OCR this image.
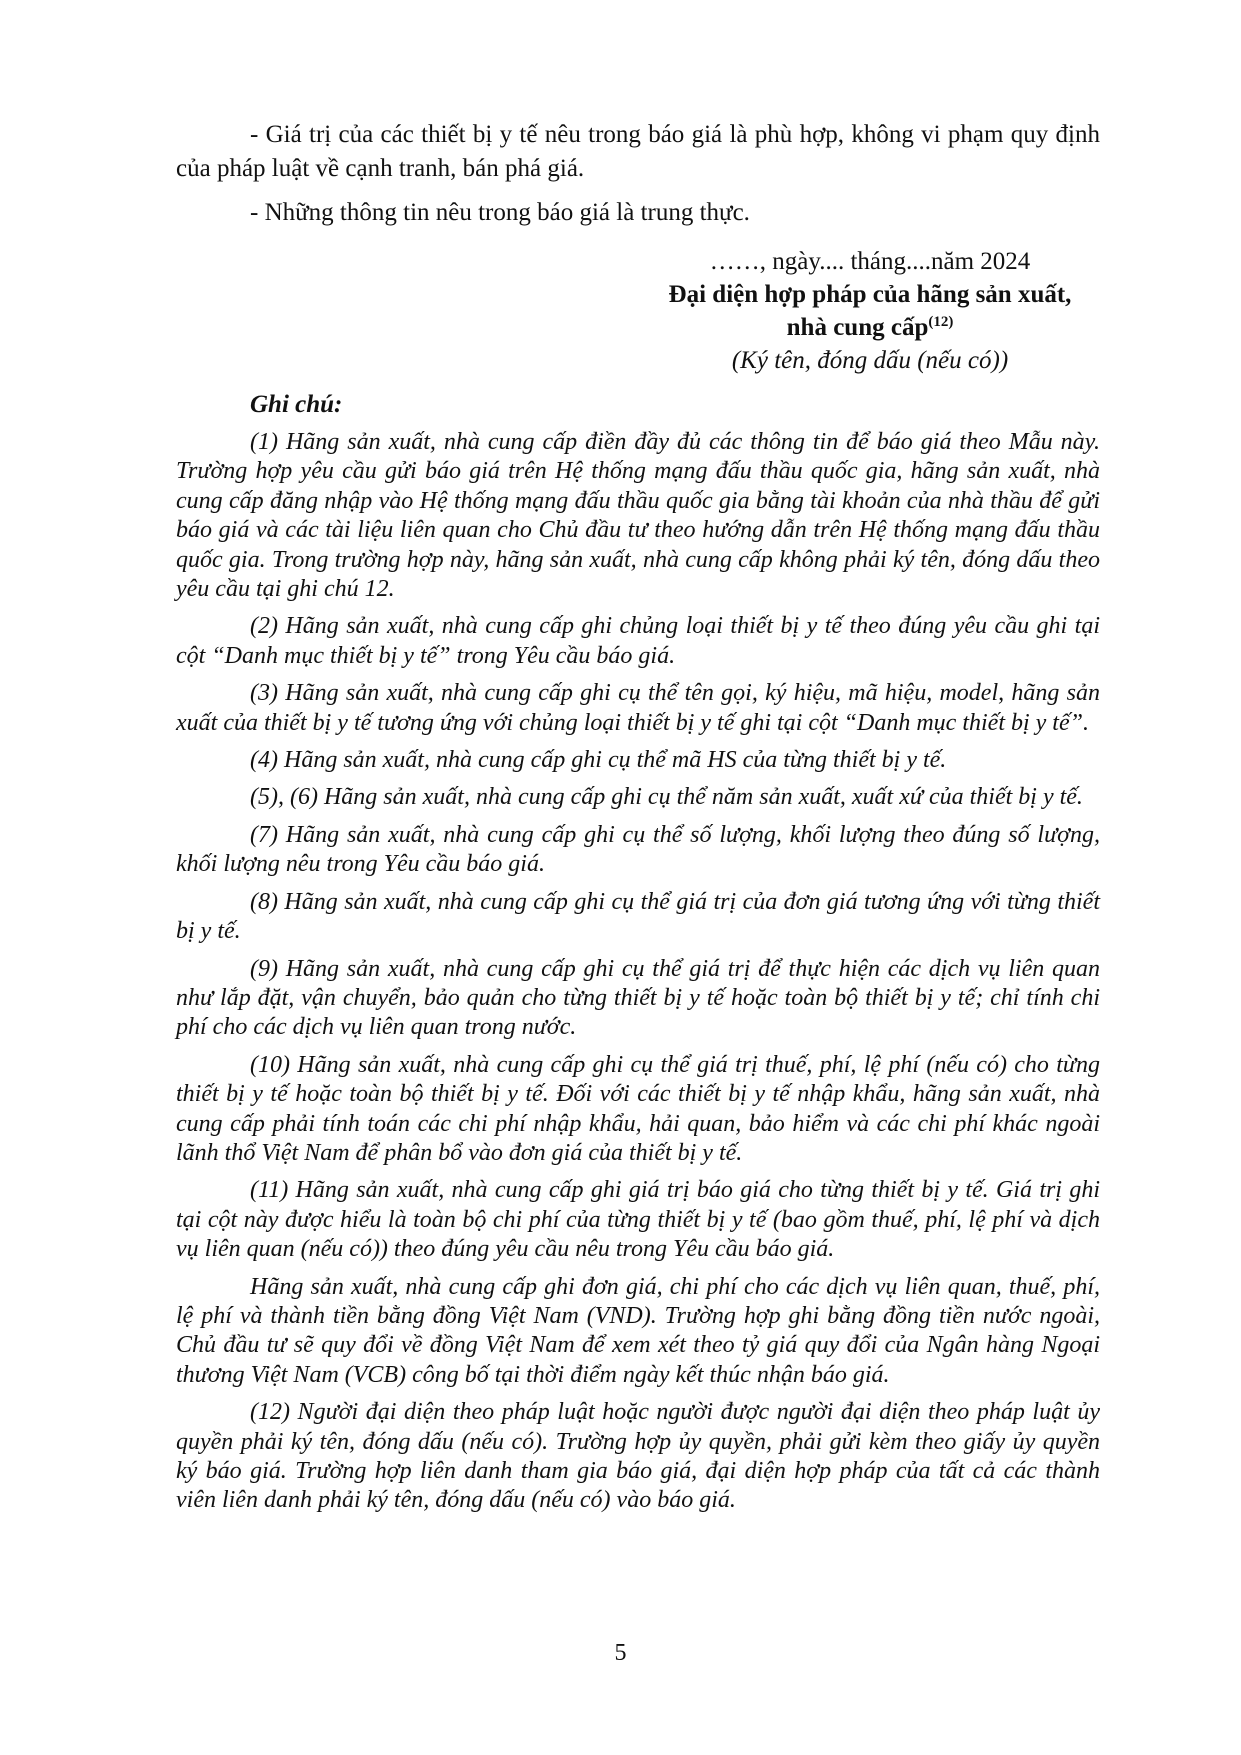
- Giá trị của các thiết bị y tế nêu trong báo giá là phù hợp, không vi phạm quy định của pháp luật về cạnh tranh, bán phá giá.

- Những thông tin nêu trong báo giá là trung thực.

……, ngày.... tháng....năm 2024
Đại diện hợp pháp của hãng sản xuất,
nhà cung cấp$^{(12)}$
(Ký tên, đóng dấu (nếu có))
Ghi chú:

(1) Hãng sản xuất, nhà cung cấp điền đầy đủ các thông tin để báo giá theo Mẫu này. Trường hợp yêu cầu gửi báo giá trên Hệ thống mạng đấu thầu quốc gia, hãng sản xuất, nhà cung cấp đăng nhập vào Hệ thống mạng đấu thầu quốc gia bằng tài khoản của nhà thầu để gửi báo giá và các tài liệu liên quan cho Chủ đầu tư theo hướng dẫn trên Hệ thống mạng đấu thầu quốc gia. Trong trường hợp này, hãng sản xuất, nhà cung cấp không phải ký tên, đóng dấu theo yêu cầu tại ghi chú 12.

(2) Hãng sản xuất, nhà cung cấp ghi chủng loại thiết bị y tế theo đúng yêu cầu ghi tại cột “Danh mục thiết bị y tế” trong Yêu cầu báo giá.

(3) Hãng sản xuất, nhà cung cấp ghi cụ thể tên gọi, ký hiệu, mã hiệu, model, hãng sản xuất của thiết bị y tế tương ứng với chủng loại thiết bị y tế ghi tại cột “Danh mục thiết bị y tế”.

(4) Hãng sản xuất, nhà cung cấp ghi cụ thể mã HS của từng thiết bị y tế.

(5), (6) Hãng sản xuất, nhà cung cấp ghi cụ thể năm sản xuất, xuất xứ của thiết bị y tế.

(7) Hãng sản xuất, nhà cung cấp ghi cụ thể số lượng, khối lượng theo đúng số lượng, khối lượng nêu trong Yêu cầu báo giá.

(8) Hãng sản xuất, nhà cung cấp ghi cụ thể giá trị của đơn giá tương ứng với từng thiết bị y tế.

(9) Hãng sản xuất, nhà cung cấp ghi cụ thể giá trị để thực hiện các dịch vụ liên quan như lắp đặt, vận chuyển, bảo quản cho từng thiết bị y tế hoặc toàn bộ thiết bị y tế; chỉ tính chi phí cho các dịch vụ liên quan trong nước.

(10) Hãng sản xuất, nhà cung cấp ghi cụ thể giá trị thuế, phí, lệ phí (nếu có) cho từng thiết bị y tế hoặc toàn bộ thiết bị y tế. Đối với các thiết bị y tế nhập khẩu, hãng sản xuất, nhà cung cấp phải tính toán các chi phí nhập khẩu, hải quan, bảo hiểm và các chi phí khác ngoài lãnh thổ Việt Nam để phân bổ vào đơn giá của thiết bị y tế.

(11) Hãng sản xuất, nhà cung cấp ghi giá trị báo giá cho từng thiết bị y tế. Giá trị ghi tại cột này được hiểu là toàn bộ chi phí của từng thiết bị y tế (bao gồm thuế, phí, lệ phí và dịch vụ liên quan (nếu có)) theo đúng yêu cầu nêu trong Yêu cầu báo giá.

Hãng sản xuất, nhà cung cấp ghi đơn giá, chi phí cho các dịch vụ liên quan, thuế, phí, lệ phí và thành tiền bằng đồng Việt Nam (VND). Trường hợp ghi bằng đồng tiền nước ngoài, Chủ đầu tư sẽ quy đổi về đồng Việt Nam để xem xét theo tỷ giá quy đổi của Ngân hàng Ngoại thương Việt Nam (VCB) công bố tại thời điểm ngày kết thúc nhận báo giá.

(12) Người đại diện theo pháp luật hoặc người được người đại diện theo pháp luật ủy quyền phải ký tên, đóng dấu (nếu có). Trường hợp ủy quyền, phải gửi kèm theo giấy ủy quyền ký báo giá. Trường hợp liên danh tham gia báo giá, đại diện hợp pháp của tất cả các thành viên liên danh phải ký tên, đóng dấu (nếu có) vào báo giá.

5
